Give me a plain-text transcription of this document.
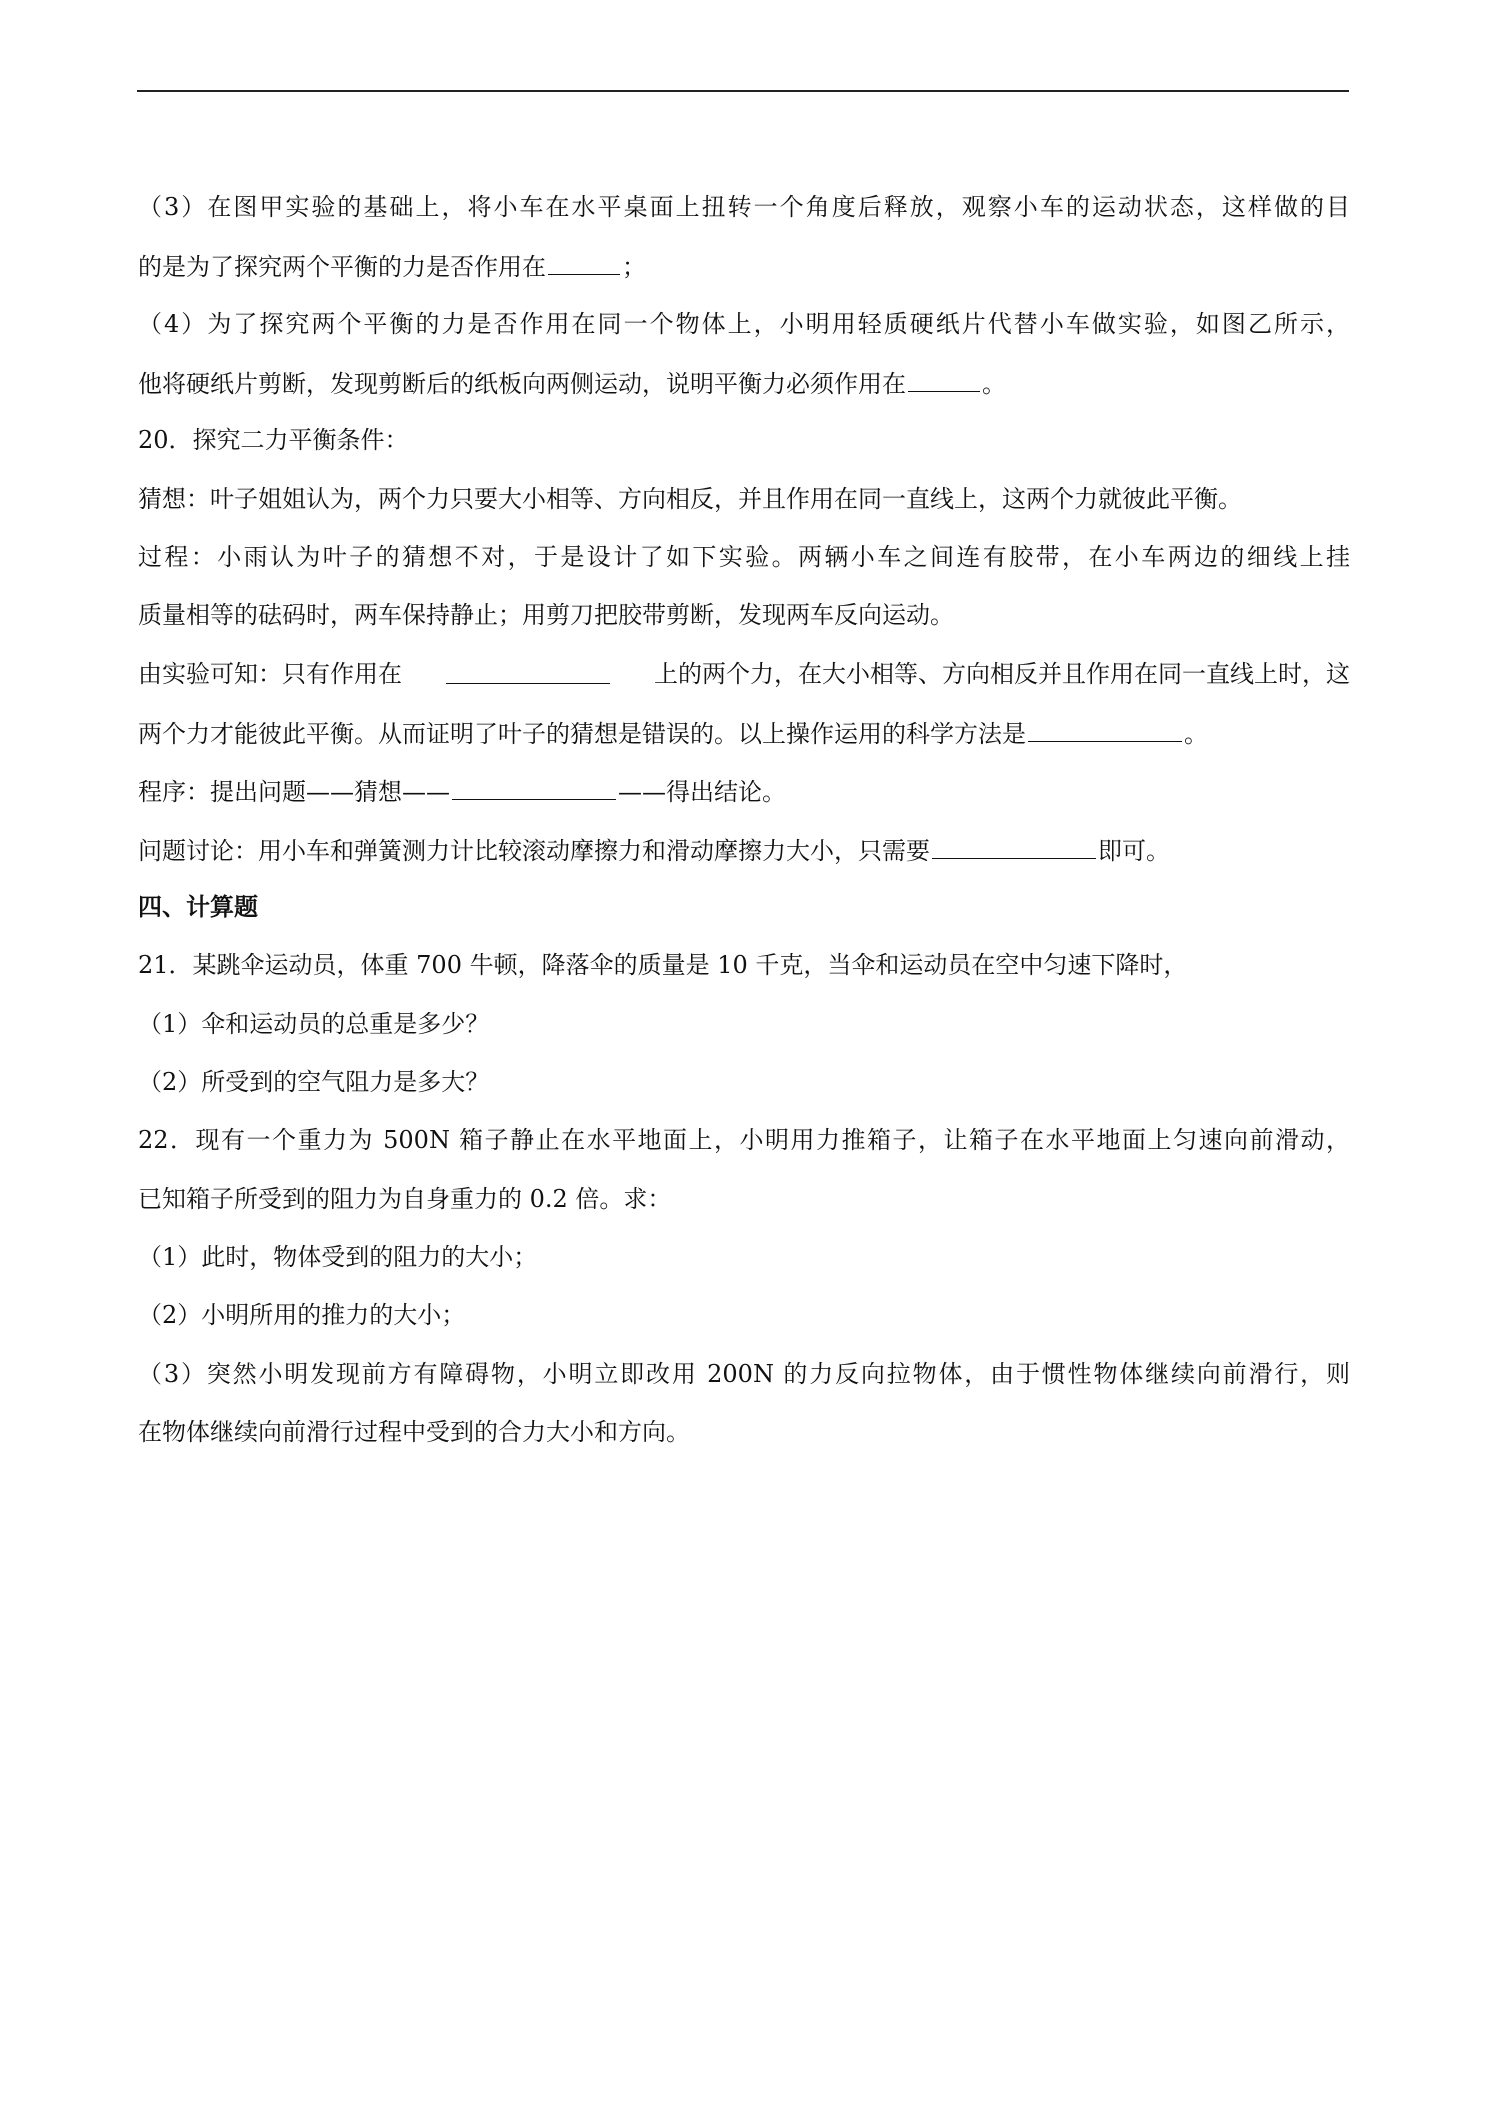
（3）在图甲实验的基础上，将小车在水平桌面上扭转一个角度后释放，观察小车的运动状态，这样做的目
的是为了探究两个平衡的力是否作用在	；
（4）为了探究两个平衡的力是否作用在同一个物体上，小明用轻质硬纸片代替小车做实验，如图乙所示，
他将硬纸片剪断，发现剪断后的纸板向两侧运动，说明平衡力必须作用在	。
20．探究二力平衡条件：
猜想：叶子姐姐认为，两个力只要大小相等、方向相反，并且作用在同一直线上，这两个力就彼此平衡。
过程：小雨认为叶子的猜想不对，于是设计了如下实验。两辆小车之间连有胶带，在小车两边的细线上挂
质量相等的砝码时，两车保持静止；用剪刀把胶带剪断，发现两车反向运动。
由实验可知：只有作用在	上的两个力，在大小相等、方向相反并且作用在同一直线上时，这
两个力才能彼此平衡。从而证明了叶子的猜想是错误的。以上操作运用的科学方法是	。
程序：提出问题——猜想——	——得出结论。
问题讨论：用小车和弹簧测力计比较滚动摩擦力和滑动摩擦力大小，只需要	即可。
四、计算题
21．某跳伞运动员，体重 700 牛顿，降落伞的质量是 10 千克，当伞和运动员在空中匀速下降时，
（1）伞和运动员的总重是多少？
（2）所受到的空气阻力是多大？
22．现有一个重力为 500N 箱子静止在水平地面上，小明用力推箱子，让箱子在水平地面上匀速向前滑动，
已知箱子所受到的阻力为自身重力的 0.2 倍。求：
（1）此时，物体受到的阻力的大小；
（2）小明所用的推力的大小；
（3）突然小明发现前方有障碍物，小明立即改用 200N 的力反向拉物体，由于惯性物体继续向前滑行，则
在物体继续向前滑行过程中受到的合力大小和方向。
